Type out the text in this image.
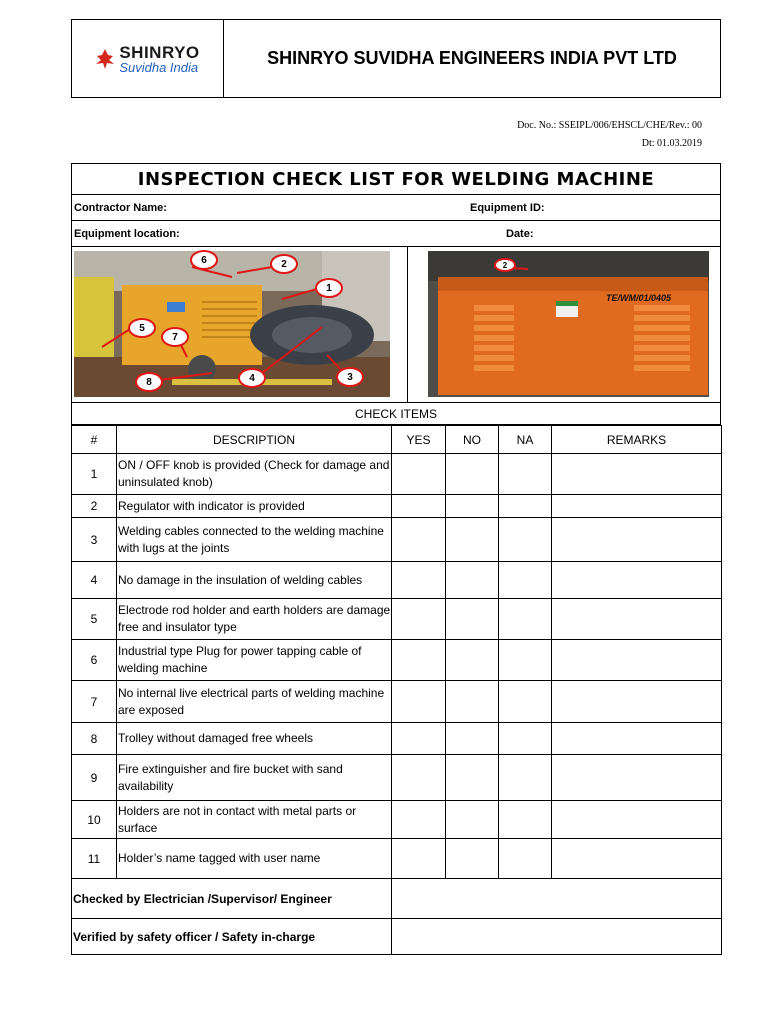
SHINRYO
Suvidha India	SHINRYO SUVIDHA ENGINEERS INDIA PVT LTD
Doc. No.: SSEIPL/006/EHSCL/CHE/Rev.: 00
Dt: 01.03.2019
INSPECTION CHECK LIST FOR WELDING MACHINE
Contractor Name:	Equipment ID:
Equipment location:	Date:
6	2
1
5
7
8	4	3
2
TE/WM/01/0405
CHECK ITEMS
#	DESCRIPTION	YES	NO	NA	REMARKS
1	ON / OFF knob is provided (Check for damage and uninsulated knob)				
2	Regulator with indicator is provided				
3	Welding cables connected to the welding machine with lugs at the joints				
4	No damage in the insulation of welding cables				
5	Electrode rod holder and earth holders are damage free and insulator type				
6	Industrial type Plug for power tapping cable of welding machine				
7	No internal live electrical parts of welding machine are exposed				
8	Trolley without damaged free wheels				
9	Fire extinguisher and fire bucket with sand availability				
10	Holders are not in contact with metal parts or surface				
11	Holder’s name tagged with user name				
Checked by Electrician /Supervisor/ Engineer					
Verified by safety officer / Safety in-charge					
